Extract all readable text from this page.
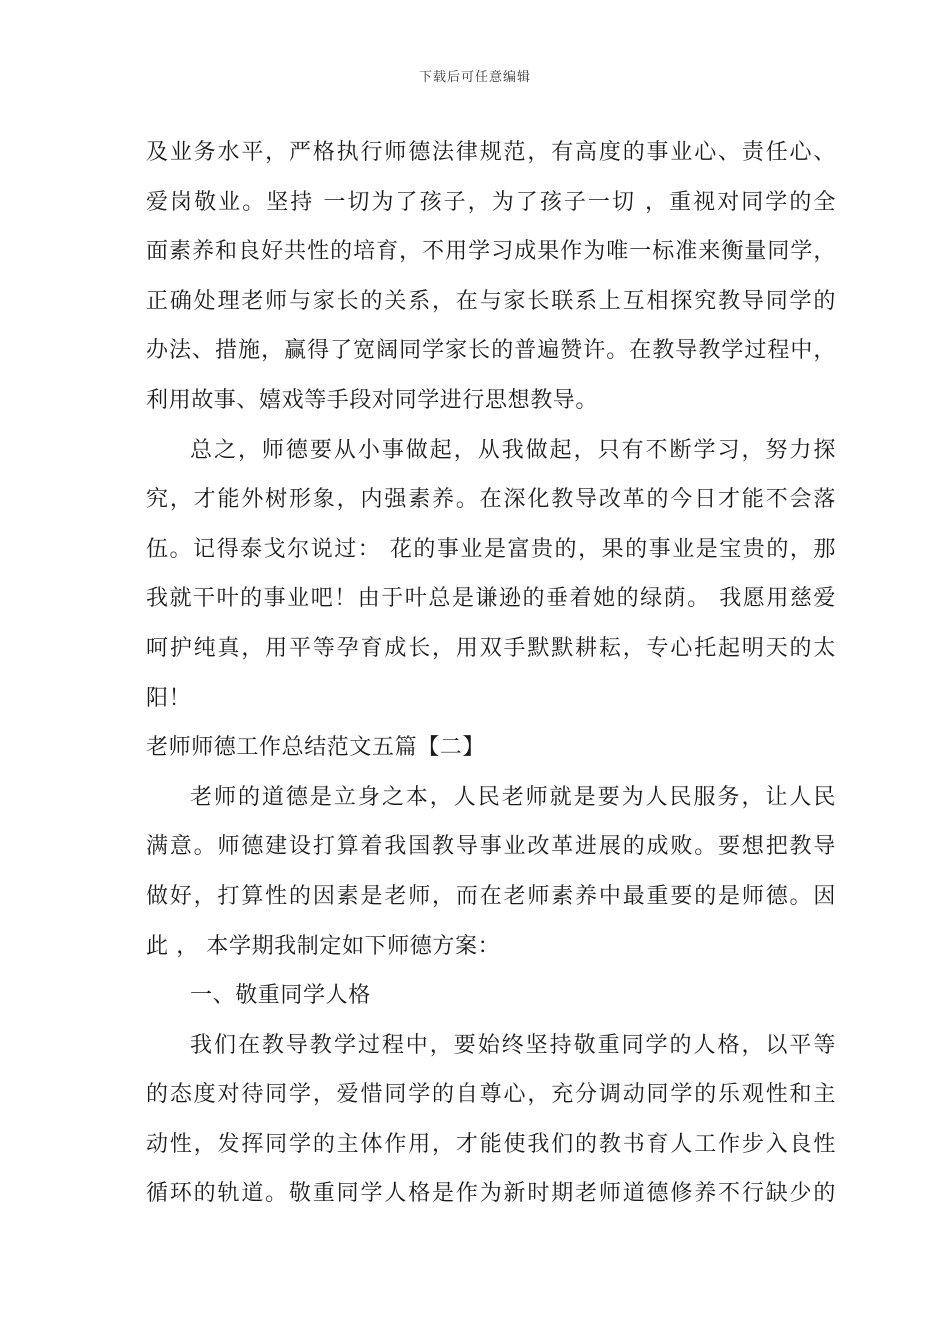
下载后可任意编辑
及业务水平，严格执行师德法律规范，有高度的事业心、责任心、
爱岗敬业。坚持 一切为了孩子，为了孩子一切 ，重视对同学的全
面素养和良好共性的培育，不用学习成果作为唯一标准来衡量同学，
正确处理老师与家长的关系，在与家长联系上互相探究教导同学的
办法、措施，赢得了宽阔同学家长的普遍赞许。在教导教学过程中，
利用故事、嬉戏等手段对同学进行思想教导。
总之，师德要从小事做起，从我做起，只有不断学习，努力探
究，才能外树形象，内强素养。在深化教导改革的今日才能不会落
伍。记得泰戈尔说过： 花的事业是富贵的，果的事业是宝贵的，那
我就干叶的事业吧！由于叶总是谦逊的垂着她的绿荫。 我愿用慈爱
呵护纯真，用平等孕育成长，用双手默默耕耘，专心托起明天的太
阳！
老师师德工作总结范文五篇【二】
老师的道德是立身之本，人民老师就是要为人民服务，让人民
满意。师德建设打算着我国教导事业改革进展的成败。要想把教导
做好，打算性的因素是老师，而在老师素养中最重要的是师德。因
此 ， 本学期我制定如下师德方案：
一、敬重同学人格
我们在教导教学过程中，要始终坚持敬重同学的人格，以平等
的态度对待同学，爱惜同学的自尊心，充分调动同学的乐观性和主
动性，发挥同学的主体作用，才能使我们的教书育人工作步入良性
循环的轨道。敬重同学人格是作为新时期老师道德修养不行缺少的
